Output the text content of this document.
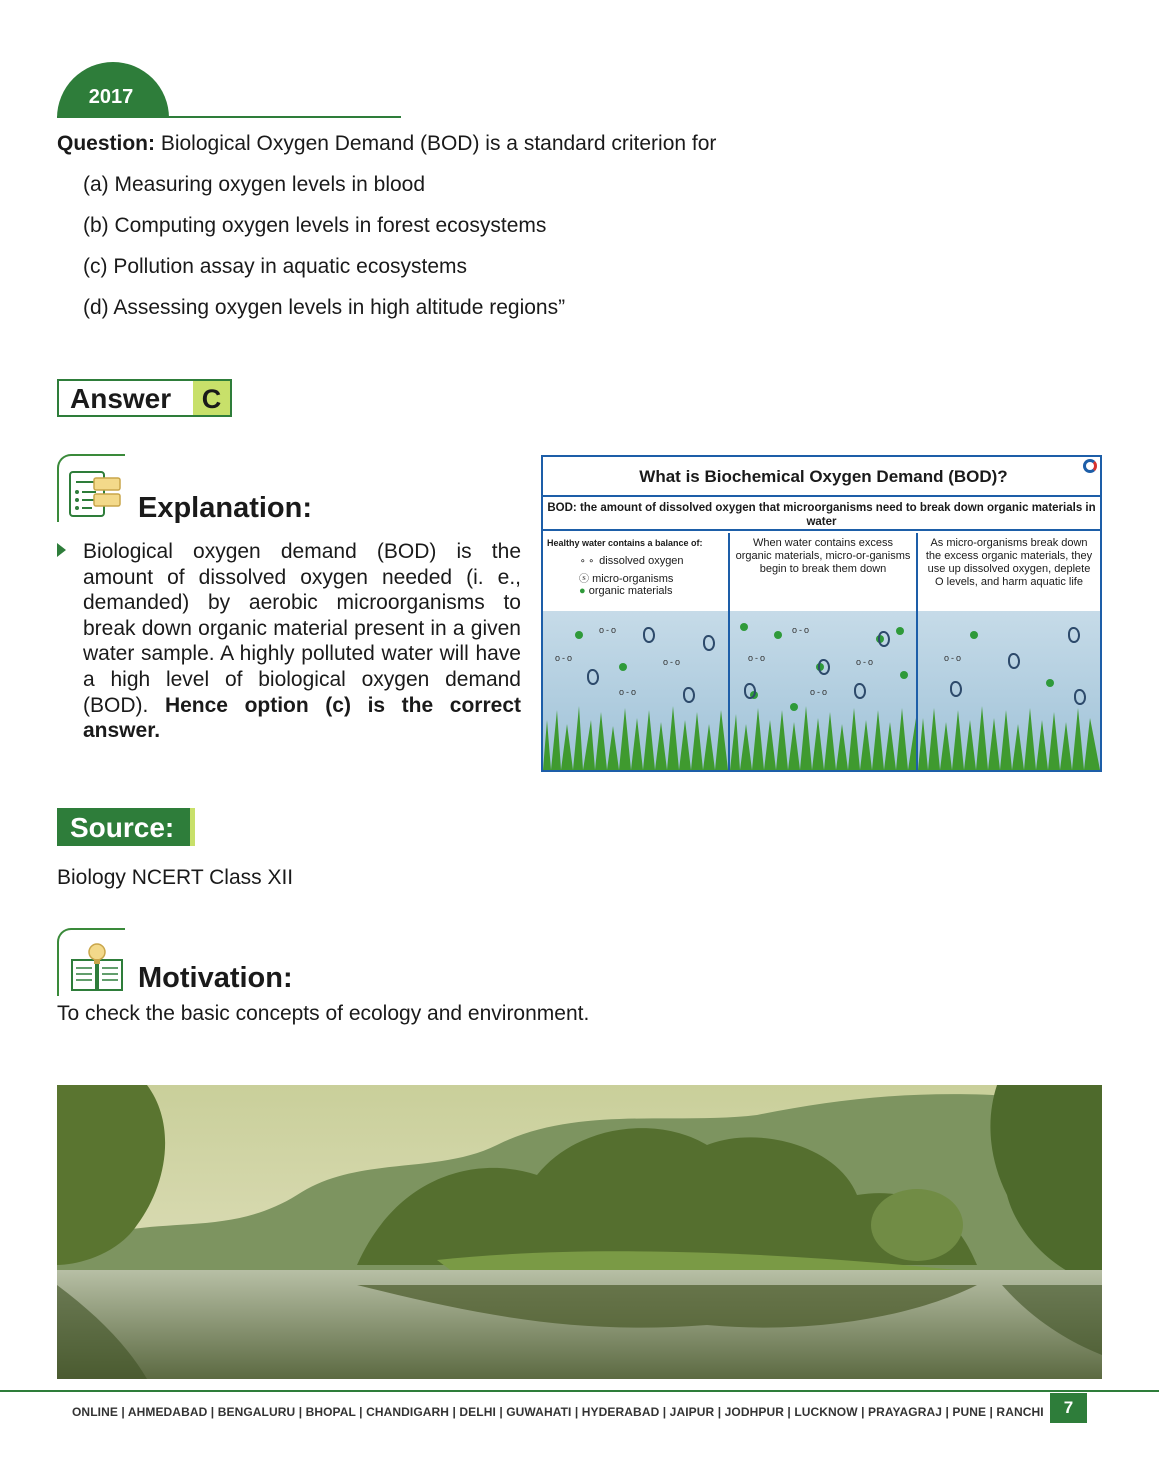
2017
Question: Biological Oxygen Demand (BOD) is a standard criterion for
(a) Measuring oxygen levels in blood
(b) Computing oxygen levels in forest ecosystems
(c) Pollution assay in aquatic ecosystems
(d) Assessing oxygen levels in high altitude regions”
Answer	C
Explanation:
Biological oxygen demand (BOD) is the amount of dissolved oxygen needed (i. e., demanded) by aerobic microorganisms to break down organic material present in a given water sample. A highly polluted water will have a high level of biological oxygen demand (BOD). Hence option (c) is the correct answer.
What is Biochemical Oxygen Demand (BOD)?
BOD: the amount of dissolved oxygen that microorganisms need to break down organic materials in water
Healthy water contains a balance of:
⚬⚬ dissolved oxygen
ⓢ micro-organisms
● organic materials
o-o
o-o	o-o
o-o
When water contains excess organic materials, micro-or-ganisms begin to break them down
o-o
o-o	o-o
o-o
As micro-organisms break down the excess organic materials, they use up dissolved oxygen, deplete O levels, and harm aquatic life
o-o
Source:
Biology NCERT Class XII
Motivation:
To check the basic concepts of ecology and environment.
ONLINE | AHMEDABAD | BENGALURU | BHOPAL | CHANDIGARH | DELHI | GUWAHATI | HYDERABAD | JAIPUR | JODHPUR | LUCKNOW | PRAYAGRAJ | PUNE | RANCHI	7
